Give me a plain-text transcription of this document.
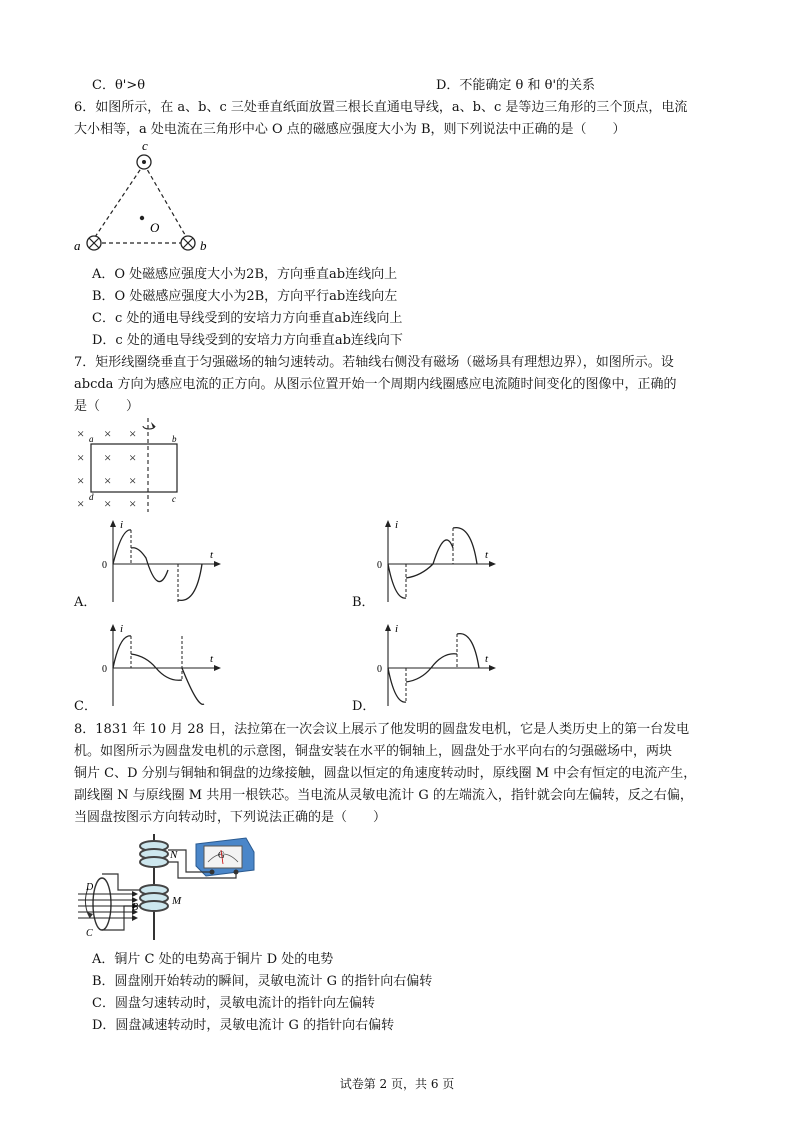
C．θ'>θ	D．不能确定 θ 和 θ'的关系
6．如图所示，在 a、b、c 三处垂直纸面放置三根长直通电导线，a、b、c 是等边三角形的三个顶点，电流
大小相等，a 处电流在三角形中心 O 点的磁感应强度大小为 B，则下列说法中正确的是（　　）
c
a	b
O
A．O 处磁感应强度大小为2B，方向垂直ab连线向上
B．O 处磁感应强度大小为2B，方向平行ab连线向左
C．c 处的通电导线受到的安培力方向垂直ab连线向上
D．c 处的通电导线受到的安培力方向垂直ab连线向下
7．矩形线圈绕垂直于匀强磁场的轴匀速转动。若轴线右侧没有磁场（磁场具有理想边界），如图所示。设
abcda 方向为感应电流的正方向。从图示位置开始一个周期内线圈感应电流随时间变化的图像中，正确的
是（　　）
× × ×
× × ×
× × ×
× × ×
a	b
c
d
i
0
t
A．
i
0
t
B．
i
0
t
C．
i
0
t
D．
8．1831 年 10 月 28 日，法拉第在一次会议上展示了他发明的圆盘发电机，它是人类历史上的第一台发电
机。如图所示为圆盘发电机的示意图，铜盘安装在水平的铜轴上，圆盘处于水平向右的匀强磁场中，两块
铜片 C、D 分别与铜轴和铜盘的边缘接触，圆盘以恒定的角速度转动时，原线圈 M 中会有恒定的电流产生，
副线圈 N 与原线圈 M 共用一根铁芯。当电流从灵敏电流计 G 的左端流入，指针就会向左偏转，反之右偏，
当圆盘按图示方向转动时，下列说法正确的是（　　）
N
M
G
B
D
C
A．铜片 C 处的电势高于铜片 D 处的电势
B．圆盘刚开始转动的瞬间，灵敏电流计 G 的指针向右偏转
C．圆盘匀速转动时，灵敏电流计的指针向左偏转
D．圆盘减速转动时，灵敏电流计 G 的指针向右偏转
试卷第 2 页，共 6 页
